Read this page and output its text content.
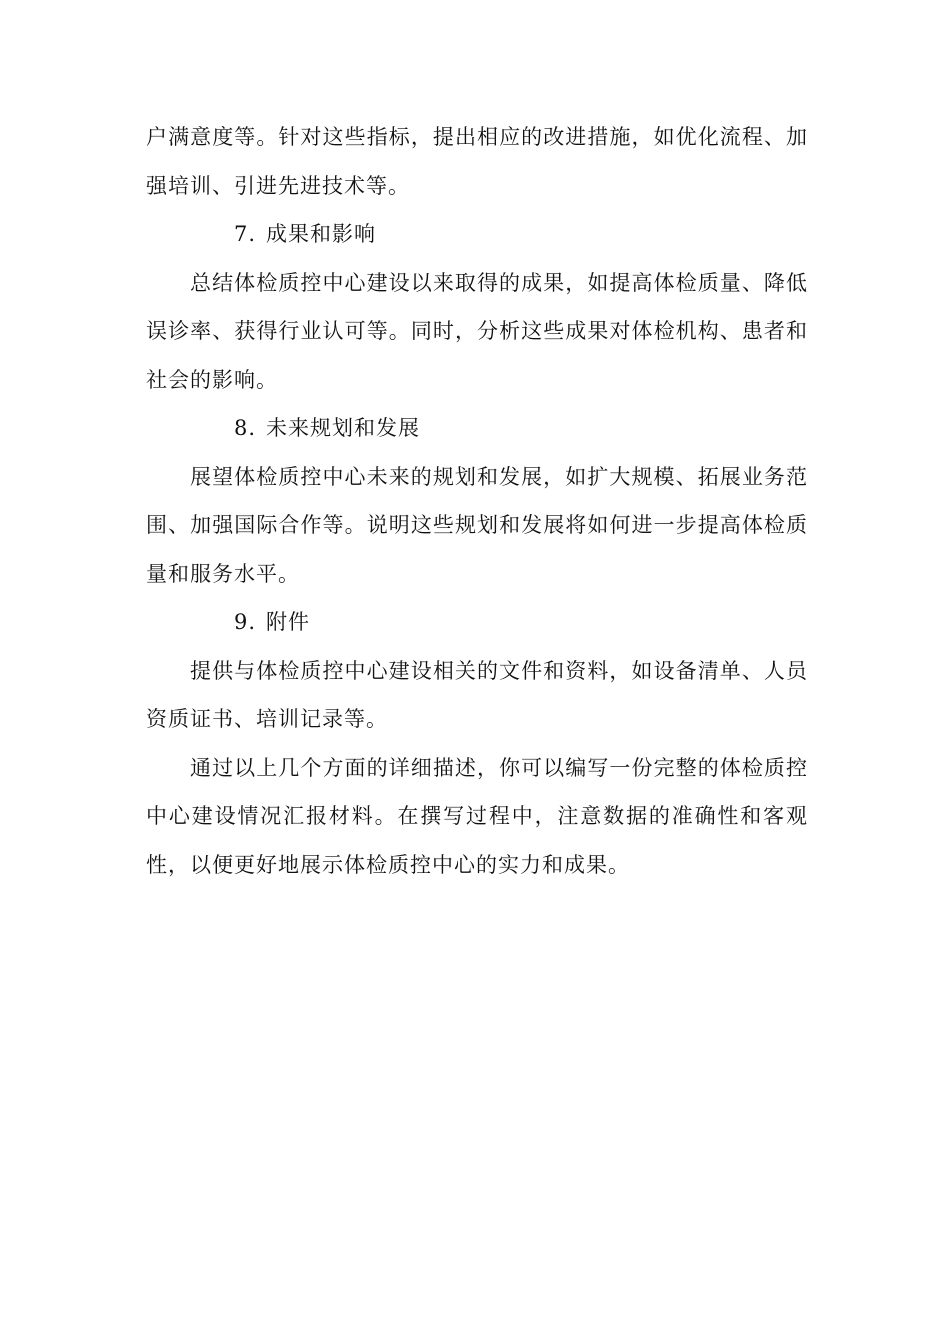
户满意度等。针对这些指标，提出相应的改进措施，如优化流程、加强培训、引进先进技术等。

7. 成果和影响

总结体检质控中心建设以来取得的成果，如提高体检质量、降低误诊率、获得行业认可等。同时，分析这些成果对体检机构、患者和社会的影响。

8. 未来规划和发展

展望体检质控中心未来的规划和发展，如扩大规模、拓展业务范围、加强国际合作等。说明这些规划和发展将如何进一步提高体检质量和服务水平。

9. 附件

提供与体检质控中心建设相关的文件和资料，如设备清单、人员资质证书、培训记录等。

通过以上几个方面的详细描述，你可以编写一份完整的体检质控中心建设情况汇报材料。在撰写过程中，注意数据的准确性和客观性，以便更好地展示体检质控中心的实力和成果。
